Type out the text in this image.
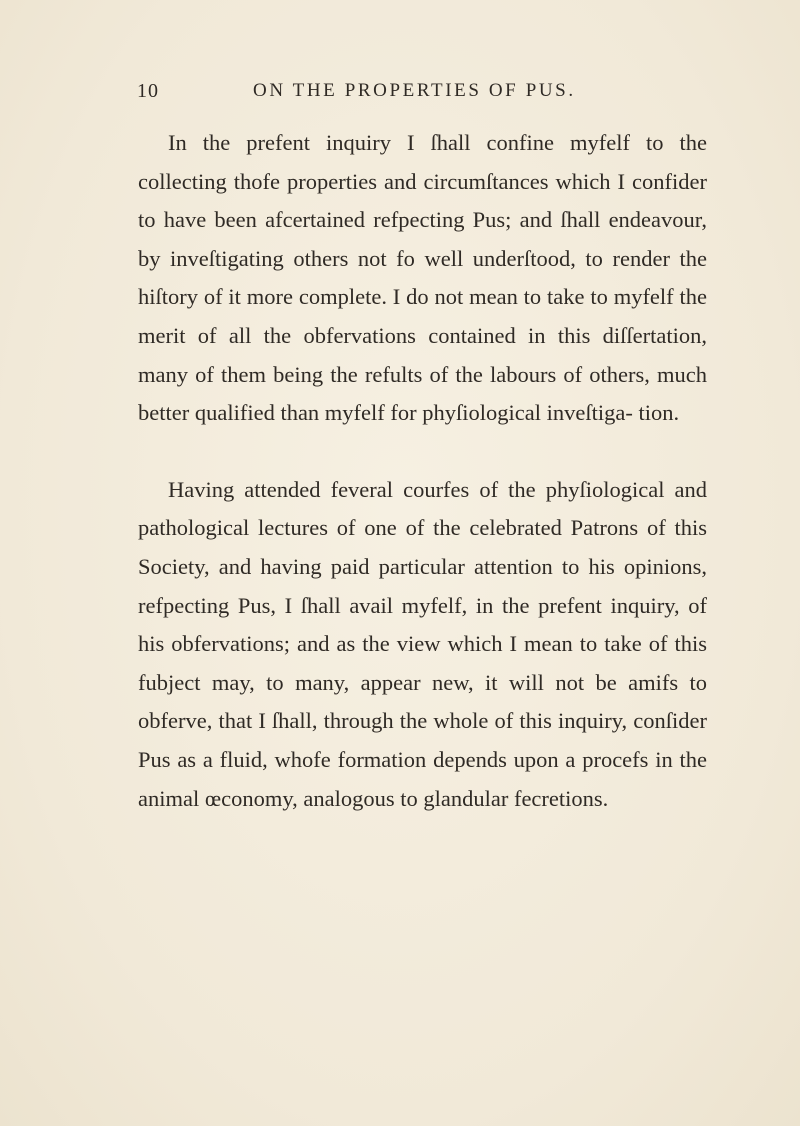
10	ON THE PROPERTIES OF PUS.

In the prefent inquiry I ſhall confine myfelf to the collecting thofe properties and circumſtances which I confider to have been afcertained refpecting Pus; and ſhall endeavour, by inveſtigating others not fo well underſtood, to render the hiſtory of it more complete. I do not mean to take to myfelf the merit of all the obfervations contained in this diſſertation, many of them being the refults of the labours of others, much better qualified than myfelf for phyſiological inveſtiga- tion.

Having attended feveral courfes of the phyſiological and pathological lectures of one of the celebrated Patrons of this Society, and having paid particular attention to his opinions, refpecting Pus, I ſhall avail myfelf, in the prefent inquiry, of his obfervations; and as the view which I mean to take of this fubject may, to many, appear new, it will not be amifs to obferve, that I ſhall, through the whole of this inquiry, conſider Pus as a fluid, whofe formation depends upon a procefs in the animal œconomy, analogous to glandular fecretions.
